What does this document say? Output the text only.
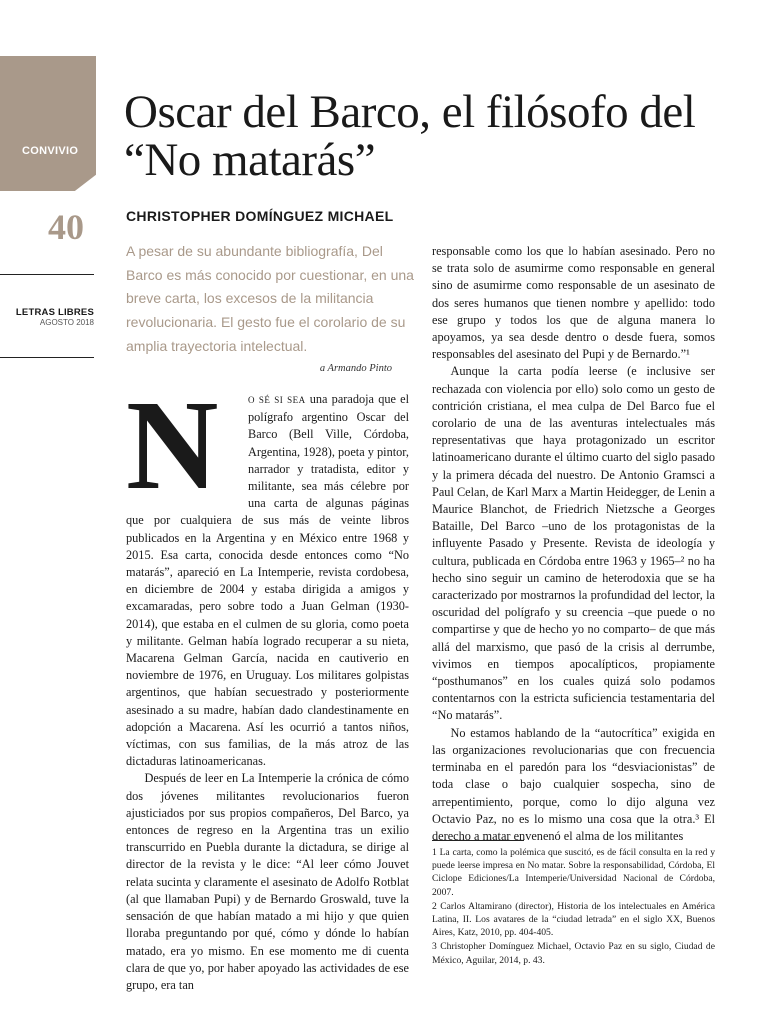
CONVIVIO
40
LETRAS LIBRES
AGOSTO 2018
Oscar del Barco, el filósofo del “No matarás”
CHRISTOPHER DOMÍNGUEZ MICHAEL

A pesar de su abundante bibliografía, Del Barco es más conocido por cuestionar, en una breve carta, los excesos de la militancia revolucionaria. El gesto fue el corolario de su amplia trayectoria intelectual.

a Armando Pinto

N	O SÉ SI SEA una paradoja que el polígrafo argentino Oscar del Barco (Bell Ville, Córdoba, Argentina, 1928), poeta y pintor, narrador y tratadista, editor y militante, sea más célebre por una carta de algunas páginas que por cualquiera de sus más de veinte libros publicados en la Argentina y en México entre 1968 y 2015. Esa carta, conocida desde entonces como “No matarás”, apareció en La Intemperie, revista cordobesa, en diciembre de 2004 y estaba dirigida a amigos y excamaradas, pero sobre todo a Juan Gelman (1930-2014), que estaba en el culmen de su gloria, como poeta y militante. Gelman había logrado recuperar a su nieta, Macarena Gelman García, nacida en cautiverio en noviembre de 1976, en Uruguay. Los militares golpistas argentinos, que habían secuestrado y posteriormente asesinado a su madre, habían dado clandestinamente en adopción a Macarena. Así les ocurrió a tantos niños, víctimas, con sus familias, de la más atroz de las dictaduras latinoamericanas.

Después de leer en La Intemperie la crónica de cómo dos jóvenes militantes revolucionarios fueron ajusticiados por sus propios compañeros, Del Barco, ya entonces de regreso en la Argentina tras un exilio transcurrido en Puebla durante la dictadura, se dirige al director de la revista y le dice: “Al leer cómo Jouvet relata sucinta y claramente el asesinato de Adolfo Rotblat (al que llamaban Pupi) y de Bernardo Groswald, tuve la sensación de que habían matado a mi hijo y que quien lloraba preguntando por qué, cómo y dónde lo habían matado, era yo mismo. En ese momento me di cuenta clara de que yo, por haber apoyado las actividades de ese grupo, era tan

responsable como los que lo habían asesinado. Pero no se trata solo de asumirme como responsable en general sino de asumirme como responsable de un asesinato de dos seres humanos que tienen nombre y apellido: todo ese grupo y todos los que de alguna manera lo apoyamos, ya sea desde dentro o desde fuera, somos responsables del asesinato del Pupi y de Bernardo.”¹

Aunque la carta podía leerse (e inclusive ser rechazada con violencia por ello) solo como un gesto de contrición cristiana, el mea culpa de Del Barco fue el corolario de una de las aventuras intelectuales más representativas que haya protagonizado un escritor latinoamericano durante el último cuarto del siglo pasado y la primera década del nuestro. De Antonio Gramsci a Paul Celan, de Karl Marx a Martin Heidegger, de Lenin a Maurice Blanchot, de Friedrich Nietzsche a Georges Bataille, Del Barco –uno de los protagonistas de la influyente Pasado y Presente. Revista de ideología y cultura, publicada en Córdoba entre 1963 y 1965–² no ha hecho sino seguir un camino de heterodoxia que se ha caracterizado por mostrarnos la profundidad del lector, la oscuridad del polígrafo y su creencia –que puede o no compartirse y que de hecho yo no comparto– de que más allá del marxismo, que pasó de la crisis al derrumbe, vivimos en tiempos apocalípticos, propiamente “posthumanos” en los cuales quizá solo podamos contentarnos con la estricta suficiencia testamentaria del “No matarás”.

No estamos hablando de la “autocrítica” exigida en las organizaciones revolucionarias que con frecuencia terminaba en el paredón para los “desviacionistas” de toda clase o bajo cualquier sospecha, sino de arrepentimiento, porque, como lo dijo alguna vez Octavio Paz, no es lo mismo una cosa que la otra.³ El derecho a matar envenenó el alma de los militantes

1 La carta, como la polémica que suscitó, es de fácil consulta en la red y puede leerse impresa en No matar. Sobre la responsabilidad, Córdoba, El Ciclope Ediciones/La Intemperie/Universidad Nacional de Córdoba, 2007.

2 Carlos Altamirano (director), Historia de los intelectuales en América Latina, II. Los avatares de la “ciudad letrada” en el siglo XX, Buenos Aires, Katz, 2010, pp. 404-405.

3 Christopher Domínguez Michael, Octavio Paz en su siglo, Ciudad de México, Aguilar, 2014, p. 43.
